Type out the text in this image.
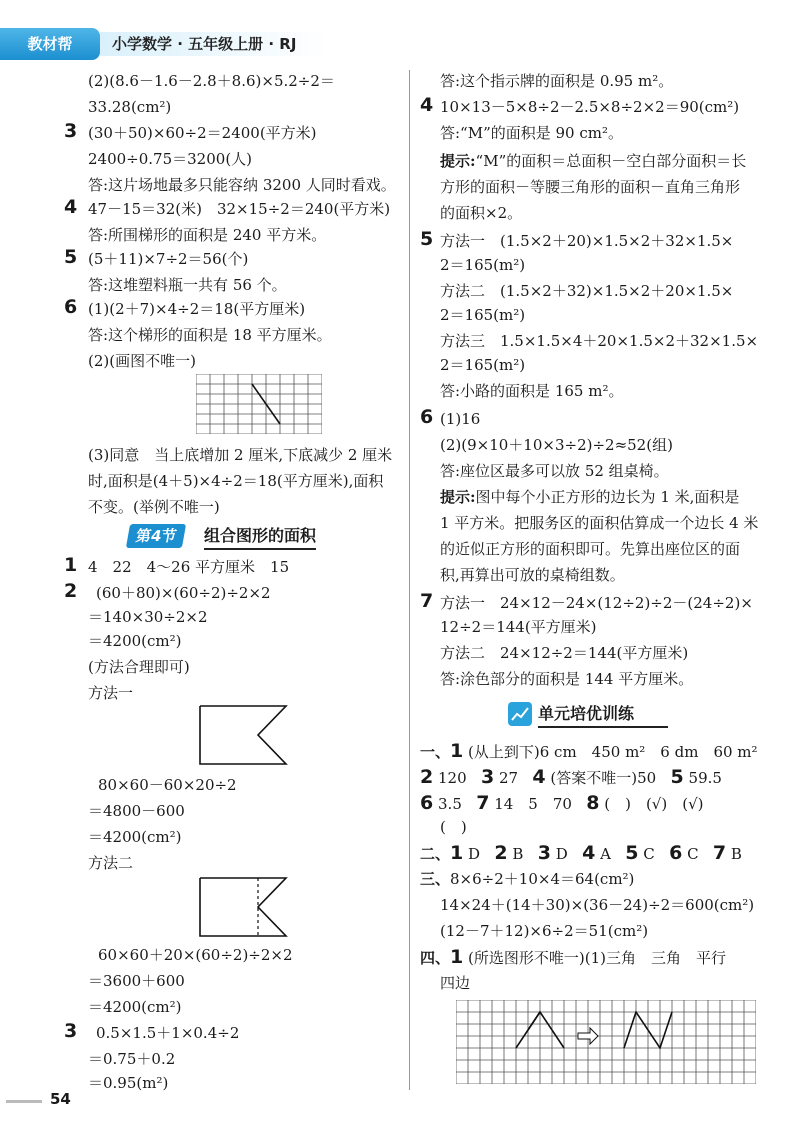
教材帮	小学数学 · 五年级上册 · RJ
(2)(8.6－1.6－2.8＋8.6)×5.2÷2＝
33.28(cm²)
3 (30＋50)×60÷2＝2400(平方米)
2400÷0.75＝3200(人)
答:这片场地最多只能容纳 3200 人同时看戏。
4 47－15＝32(米)　32×15÷2＝240(平方米)
答:所围梯形的面积是 240 平方米。
5 (5＋11)×7÷2＝56(个)
答:这堆塑料瓶一共有 56 个。
6 (1)(2＋7)×4÷2＝18(平方厘米)
答:这个梯形的面积是 18 平方厘米。
(2)(画图不唯一)
(3)同意　当上底增加 2 厘米,下底减少 2 厘米
时,面积是(4＋5)×4÷2＝18(平方厘米),面积
不变。(举例不唯一)
第4节	组合图形的面积
1 4　22　4～26 平方厘米　15
2 (60＋80)×(60÷2)÷2×2
＝140×30÷2×2
＝4200(cm²)
(方法合理即可)
方法一
80×60－60×20÷2
＝4800－600
＝4200(cm²)
方法二
60×60＋20×(60÷2)÷2×2
＝3600＋600
＝4200(cm²)
3 0.5×1.5＋1×0.4÷2
＝0.75＋0.2
＝0.95(m²)
答:这个指示牌的面积是 0.95 m²。
4 10×13－5×8÷2－2.5×8÷2×2＝90(cm²)
答:“M”的面积是 90 cm²。
提示:“M”的面积＝总面积－空白部分面积＝长
方形的面积－等腰三角形的面积－直角三角形
的面积×2。
5 方法一　(1.5×2＋20)×1.5×2＋32×1.5×
2＝165(m²)
方法二　(1.5×2＋32)×1.5×2＋20×1.5×
2＝165(m²)
方法三　1.5×1.5×4＋20×1.5×2＋32×1.5×
2＝165(m²)
答:小路的面积是 165 m²。
6 (1)16
(2)(9×10＋10×3÷2)÷2≈52(组)
答:座位区最多可以放 52 组桌椅。
提示:图中每个小正方形的边长为 1 米,面积是
1 平方米。把服务区的面积估算成一个边长 4 米
的近似正方形的面积即可。先算出座位区的面
积,再算出可放的桌椅组数。
7 方法一　24×12－24×(12÷2)÷2－(24÷2)×
12÷2＝144(平方厘米)
方法二　24×12÷2＝144(平方厘米)
答:涂色部分的面积是 144 平方厘米。
单元培优训练
一、1 (从上到下)6 cm　450 m²　6 dm　60 m²
2 120 3 27 4 (答案不唯一)50 5 59.5
6 3.5 7 14　5　70 8 (　)　(√)　(√)
(　)
二、1 D 2 B 3 D 4 A 5 C 6 C 7 B
三、8×6÷2＋10×4＝64(cm²)
14×24＋(14＋30)×(36－24)÷2＝600(cm²)
(12－7＋12)×6÷2＝51(cm²)
四、1 (所选图形不唯一)(1)三角　三角　平行
四边
54
